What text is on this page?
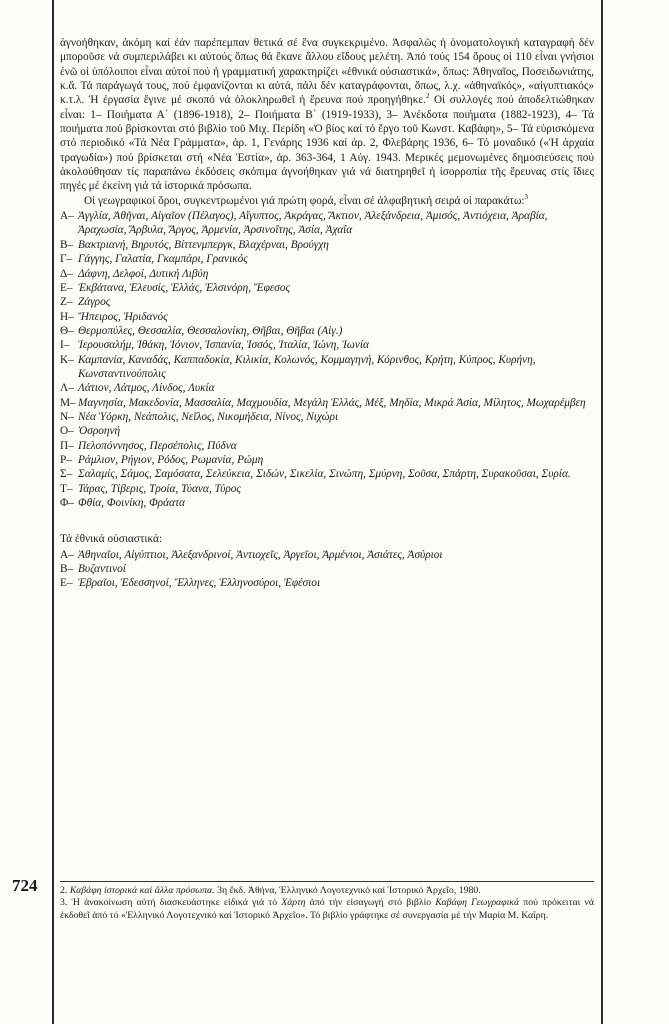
724

ἀγνοήθηκαν, ἀκόμη καί ἐάν παρέπεμπαν θετικά σέ ἕνα συγκεκριμένο. Ἀσφαλῶς ἡ ὀνοματολογική καταγραφή δέν μποροῦσε νά συμπεριλάβει κι αὐτούς ὅπως θά ἔκανε ἄλλου εἴδους μελέτη. Ἀπό τούς 154 ὅρους οἱ 110 εἶναι γνήσιοι ἐνῶ οἱ ὑπόλοιποι εἶναι αὐτοί πού ἡ γραμματική χαρακτηρίζει «ἐθνικά οὐσιαστικά», ὅπως: Ἀθηναῖος, Ποσειδωνιάτης, κ.ἄ. Τά παράγωγά τους, πού ἐμφανίζονται κι αὐτά, πάλι δέν καταγράφονται, ὅπως, λ.χ. «ἀθηναϊκός», «αἰγυπτιακός» κ.τ.λ. Ἡ ἐργασία ἔγινε μέ σκοπό νά ὁλοκληρωθεῖ ἡ ἔρευνα πού προηγήθηκε.$^2$ Οἱ συλλογές πού ἀποδελτιώθηκαν εἶναι: 1– Ποιήματα Α΄ (1896-1918), 2– Ποιήματα Β΄ (1919-1933), 3– Ἀνέκδοτα ποιήματα (1882-1923), 4– Τά ποιήματα πού βρίσκονται στό βιβλίο τοῦ Μιχ. Περίδη «Ὁ βίος καί τό ἔργο τοῦ Κωνστ. Καβάφη», 5– Τά εὑρισκόμενα στό περιοδικό «Τά Νέα Γράμματα», ἀρ. 1, Γενάρης 1936 καί ἀρ. 2, Φλεβάρης 1936, 6– Τό μοναδικό («Ἡ ἀρχαία τραγωδία») πού βρίσκεται στή «Νέα Ἑστία», ἀρ. 363-364, 1 Αὐγ. 1943. Μερικές μεμονωμένες δημοσιεύσεις πού ἀκολούθησαν τίς παραπάνω ἐκδόσεις σκόπιμα ἀγνοήθηκαν γιά νά διατηρηθεῖ ἡ ἰσορροπία τῆς ἔρευνας στίς ἴδιες πηγές μέ ἐκείνη γιά τά ἱστορικά πρόσωπα.

Οἱ γεωγραφικοί ὅροι, συγκεντρωμένοι γιά πρώτη φορά, εἶναι σέ ἀλφαβητική σειρά οἱ παρακάτω:$^3$

Α– Ἀγγλία, Ἀθῆναι, Αἰγαῖον (Πέλαγος), Αἴγυπτος, Ἀκράγας, Ἄκτιον, Ἀλεξάνδρεια, Ἀμισός, Ἀντιόχεια, Ἀραβία, Ἀραχωσία, Ἄρβυλα, Ἄργος, Ἀρμενία, Ἀρσινοΐτης, Ἀσία, Ἀχαΐα
Β– Βακτριανή, Βηρυτός, Βίττενμπεργκ, Βλαχέρναι, Βρούγχη
Γ– Γάγγης, Γαλατία, Γκαμπάρι, Γρανικός
Δ– Δάφνη, Δελφοί, Δυτική Λιβύη
Ε– Ἐκβάτανα, Ἐλευσίς, Ἑλλάς, Ἐλσινόρη, Ἔφεσος
Ζ– Ζάγρος
Η– Ἤπειρος, Ἠριδανός
Θ– Θερμοπύλες, Θεσσαλία, Θεσσαλονίκη, Θῆβαι, Θῆβαι (Αἰγ.)
Ι– Ἱερουσαλήμ, Ἰθάκη, Ἰόνιον, Ἰσπανία, Ἰσσός, Ἰταλία, Ἰώνη, Ἰωνία
Κ– Καμπανία, Καναδάς, Καππαδοκία, Κιλικία, Κολωνός, Κομμαγηνή, Κόρινθος, Κρήτη, Κύπρος, Κυρήνη, Κωνσταντινούπολις
Λ– Λάτιον, Λάτμος, Λίνδος, Λυκία
Μ– Μαγνησία, Μακεδονία, Μασσαλία, Μαχμουδία, Μεγάλη Ἑλλάς, Μέξ, Μηδία, Μικρά Ἀσία, Μίλητος, Μωχαρέμβεη
Ν– Νέα Ὑόρκη, Νεάπολις, Νεῖλος, Νικομήδεια, Νίνος, Νιχώρι
Ο– Ὀσροηνή
Π– Πελοπόννησος, Περσέπολις, Πύδνα
Ρ– Ράμλιον, Ρήγιον, Ρόδος, Ρωμανία, Ρώμη
Σ– Σαλαμίς, Σάμος, Σαμόσατα, Σελεύκεια, Σιδών, Σικελία, Σινώπη, Σμύρνη, Σοῦσα, Σπάρτη, Συρακοῦσαι, Συρία.
Τ– Τάρας, Τίβερις, Τροία, Τύανα, Τύρος
Φ– Φθία, Φοινίκη, Φράατα

Τά ἐθνικά οὐσιαστικά:

Α– Ἀθηναῖοι, Αἰγύπτιοι, Ἀλεξανδρινοί, Ἀντιοχεῖς, Ἀργεῖοι, Ἀρμένιοι, Ἀσιάτες, Ἀσύριοι
Β– Βυζαντινοί
Ε– Ἑβραῖοι, Ἐδεσσηνοί, Ἕλληνες, Ἑλληνοσύροι, Ἐφέσιοι

2. Καβάφη ἱστορικά καί ἄλλα πρόσωπα. 3η ἔκδ. Ἀθήνα, Ἑλληνικό Λογοτεχνικό καί Ἱστορικό Ἀρχεῖο, 1980.

3. Ἡ ἀνακοίνωση αὐτή διασκευάστηκε εἰδικά γιά τό Χάρτη ἀπό τήν εἰσαγωγή στό βιβλίο Καβάφη Γεωγραφικά πού πρόκειται νά ἐκδοθεῖ ἀπό τό «Ἑλληνικό Λογοτεχνικό καί Ἱστορικό Ἀρχεῖο». Τό βιβλίο γράφτηκε σέ συνεργασία μέ τήν Μαρία Μ. Καΐρη.
